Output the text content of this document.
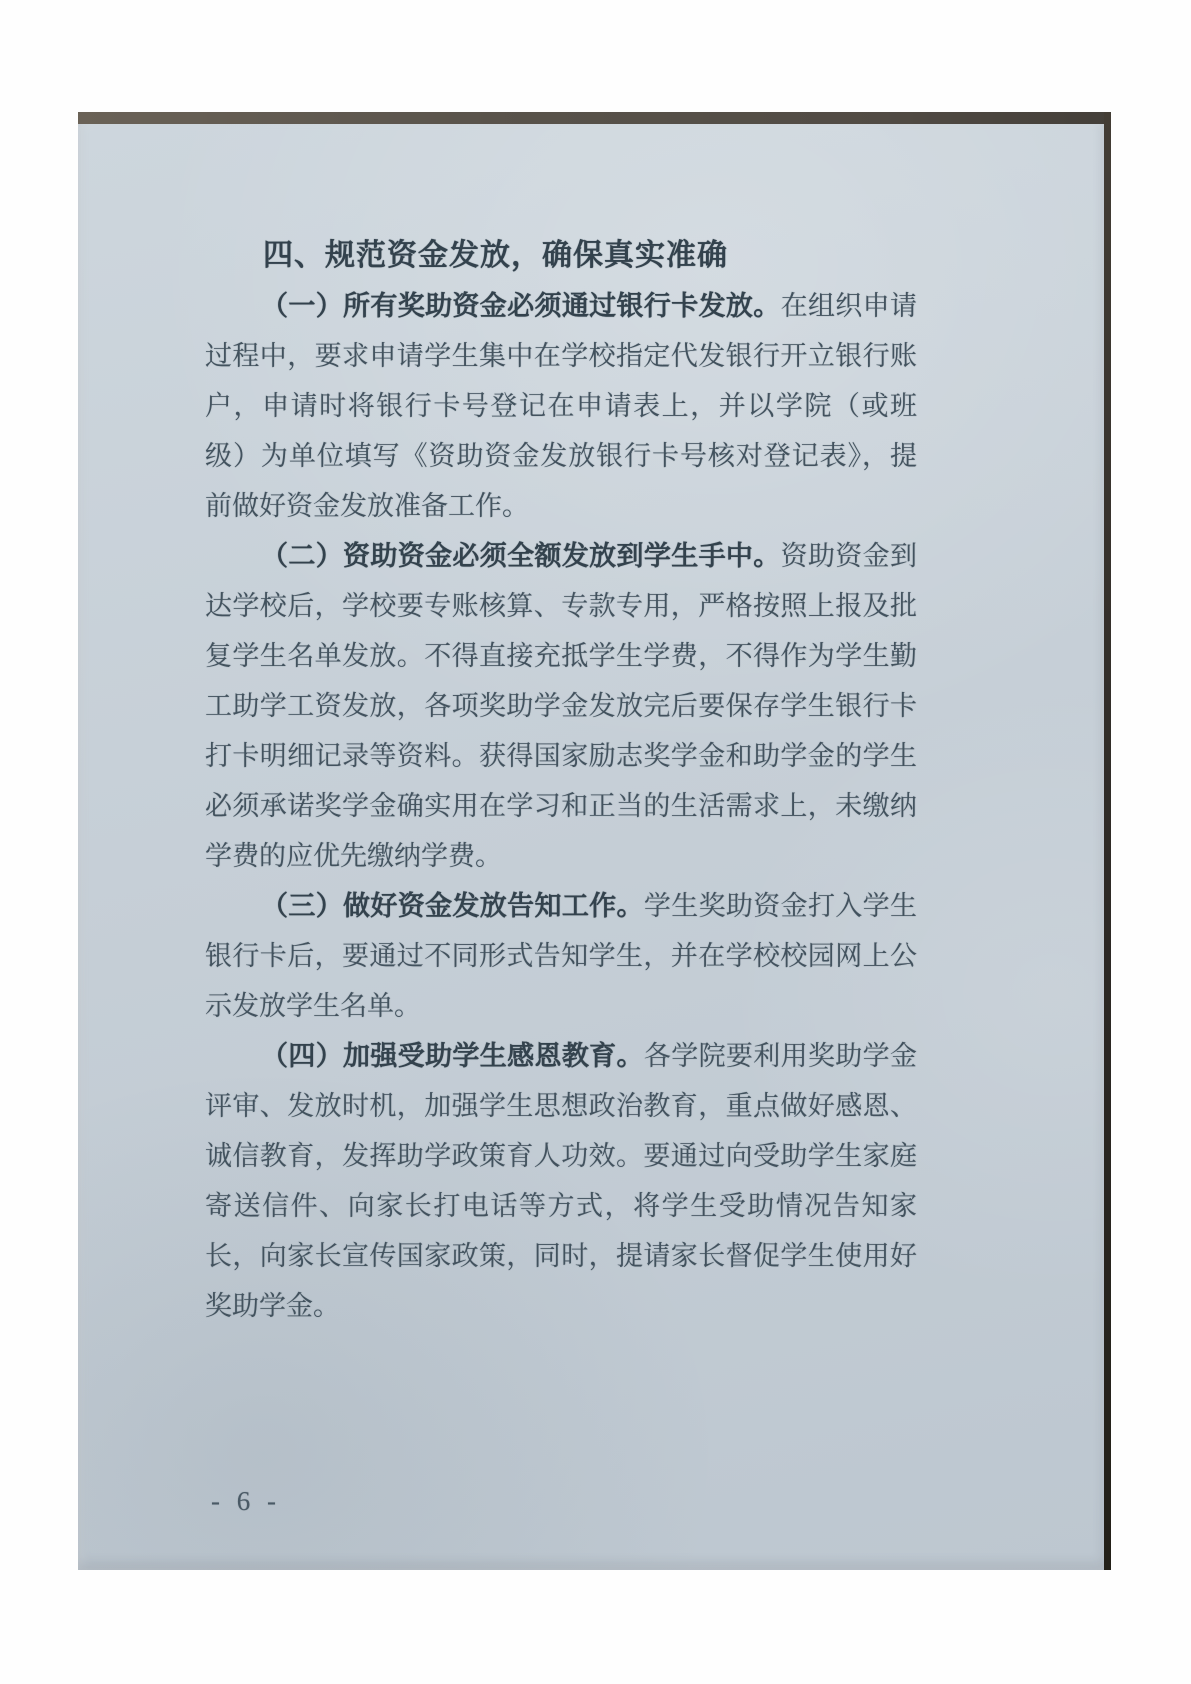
四、规范资金发放，确保真实准确

（一）所有奖助资金必须通过银行卡发放。在组织申请过程中，要求申请学生集中在学校指定代发银行开立银行账户，申请时将银行卡号登记在申请表上，并以学院（或班级）为单位填写《资助资金发放银行卡号核对登记表》，提前做好资金发放准备工作。

（二）资助资金必须全额发放到学生手中。资助资金到达学校后，学校要专账核算、专款专用，严格按照上报及批复学生名单发放。不得直接充抵学生学费，不得作为学生勤工助学工资发放，各项奖助学金发放完后要保存学生银行卡打卡明细记录等资料。获得国家励志奖学金和助学金的学生必须承诺奖学金确实用在学习和正当的生活需求上，未缴纳学费的应优先缴纳学费。

（三）做好资金发放告知工作。学生奖助资金打入学生银行卡后，要通过不同形式告知学生，并在学校校园网上公示发放学生名单。

（四）加强受助学生感恩教育。各学院要利用奖助学金评审、发放时机，加强学生思想政治教育，重点做好感恩、诚信教育，发挥助学政策育人功效。要通过向受助学生家庭寄送信件、向家长打电话等方式，将学生受助情况告知家长，向家长宣传国家政策，同时，提请家长督促学生使用好奖助学金。

- 6 -
